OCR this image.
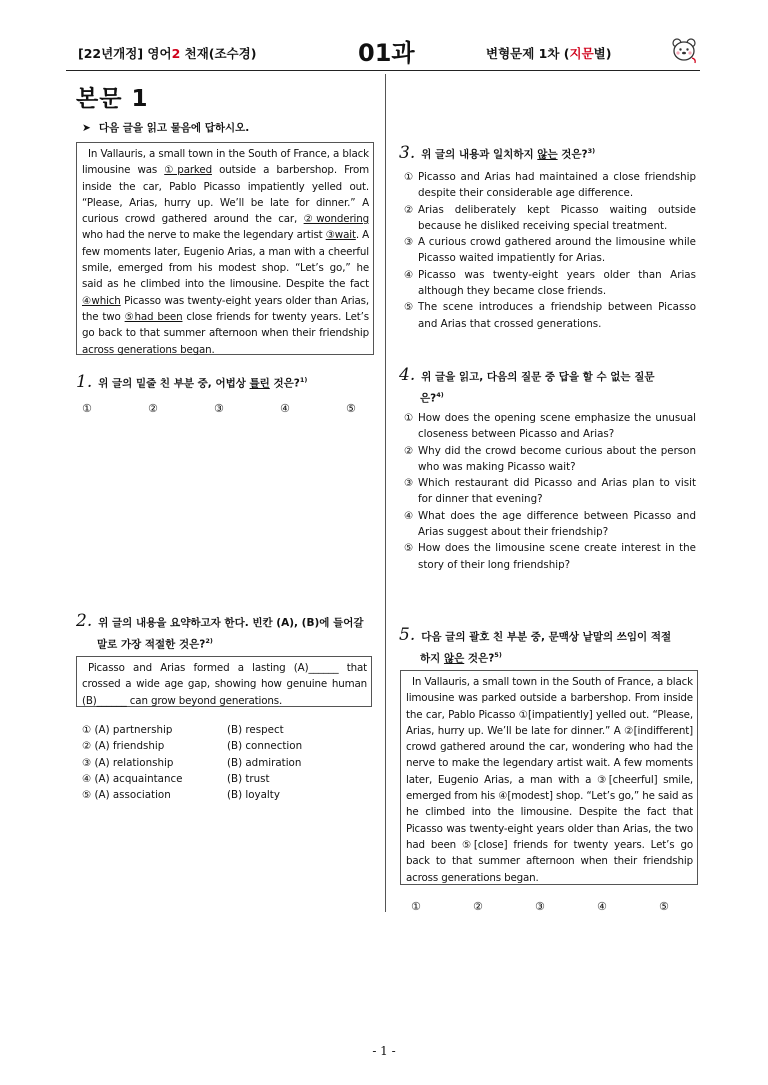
[22년개정] 영어2 천재(조수경)	01과	변형문제 1차 (지문별)
본문 1
➤ 다음 글을 읽고 물음에 답하시오.
In Vallauris, a small town in the South of France, a black limousine was ①parked outside a barbershop. From inside the car, Pablo Picasso impatiently yelled out. “Please, Arias, hurry up. We’ll be late for dinner.” A curious crowd gathered around the car, ②wondering who had the nerve to make the legendary artist ③wait. A few moments later, Eugenio Arias, a man with a cheerful smile, emerged from his modest shop. “Let’s go,” he said as he climbed into the limousine. Despite the fact ④which Picasso was twenty-eight years older than Arias, the two ⑤had been close friends for twenty years. Let’s go back to that summer afternoon when their friendship across generations began.
1. 위 글의 밑줄 친 부분 중, 어법상 틀린 것은?$^{1)}$
①	②	③	④	⑤
2. 위 글의 내용을 요약하고자 한다. 빈칸 (A), (B)에 들어갈
말로 가장 적절한 것은?$^{2)}$
Picasso and Arias formed a lasting (A)______ that crossed a wide age gap, showing how genuine human (B)______ can grow beyond generations.
① (A) partnership	(B) respect
② (A) friendship	(B) connection
③ (A) relationship	(B) admiration
④ (A) acquaintance	(B) trust
⑤ (A) association	(B) loyalty
3. 위 글의 내용과 일치하지 않는 것은?$^{3)}$
① Picasso and Arias had maintained a close friendship despite their considerable age difference.
② Arias deliberately kept Picasso waiting outside because he disliked receiving special treatment.
③ A curious crowd gathered around the limousine while Picasso waited impatiently for Arias.
④ Picasso was twenty-eight years older than Arias although they became close friends.
⑤ The scene introduces a friendship between Picasso and Arias that crossed generations.
4. 위 글을 읽고, 다음의 질문 중 답을 할 수 없는 질문
은?$^{4)}$
① How does the opening scene emphasize the unusual closeness between Picasso and Arias?
② Why did the crowd become curious about the person who was making Picasso wait?
③ Which restaurant did Picasso and Arias plan to visit for dinner that evening?
④ What does the age difference between Picasso and Arias suggest about their friendship?
⑤ How does the limousine scene create interest in the story of their long friendship?
5. 다음 글의 괄호 친 부분 중, 문맥상 낱말의 쓰임이 적절
하지 않은 것은?$^{5)}$
In Vallauris, a small town in the South of France, a black limousine was parked outside a barbershop. From inside the car, Pablo Picasso ①[impatiently] yelled out. “Please, Arias, hurry up. We’ll be late for dinner.” A ②[indifferent] crowd gathered around the car, wondering who had the nerve to make the legendary artist wait. A few moments later, Eugenio Arias, a man with a ③[cheerful] smile, emerged from his ④[modest] shop. “Let’s go,” he said as he climbed into the limousine. Despite the fact that Picasso was twenty-eight years older than Arias, the two had been ⑤[close] friends for twenty years. Let’s go back to that summer afternoon when their friendship across generations began.
①	②	③	④	⑤
- 1 -
